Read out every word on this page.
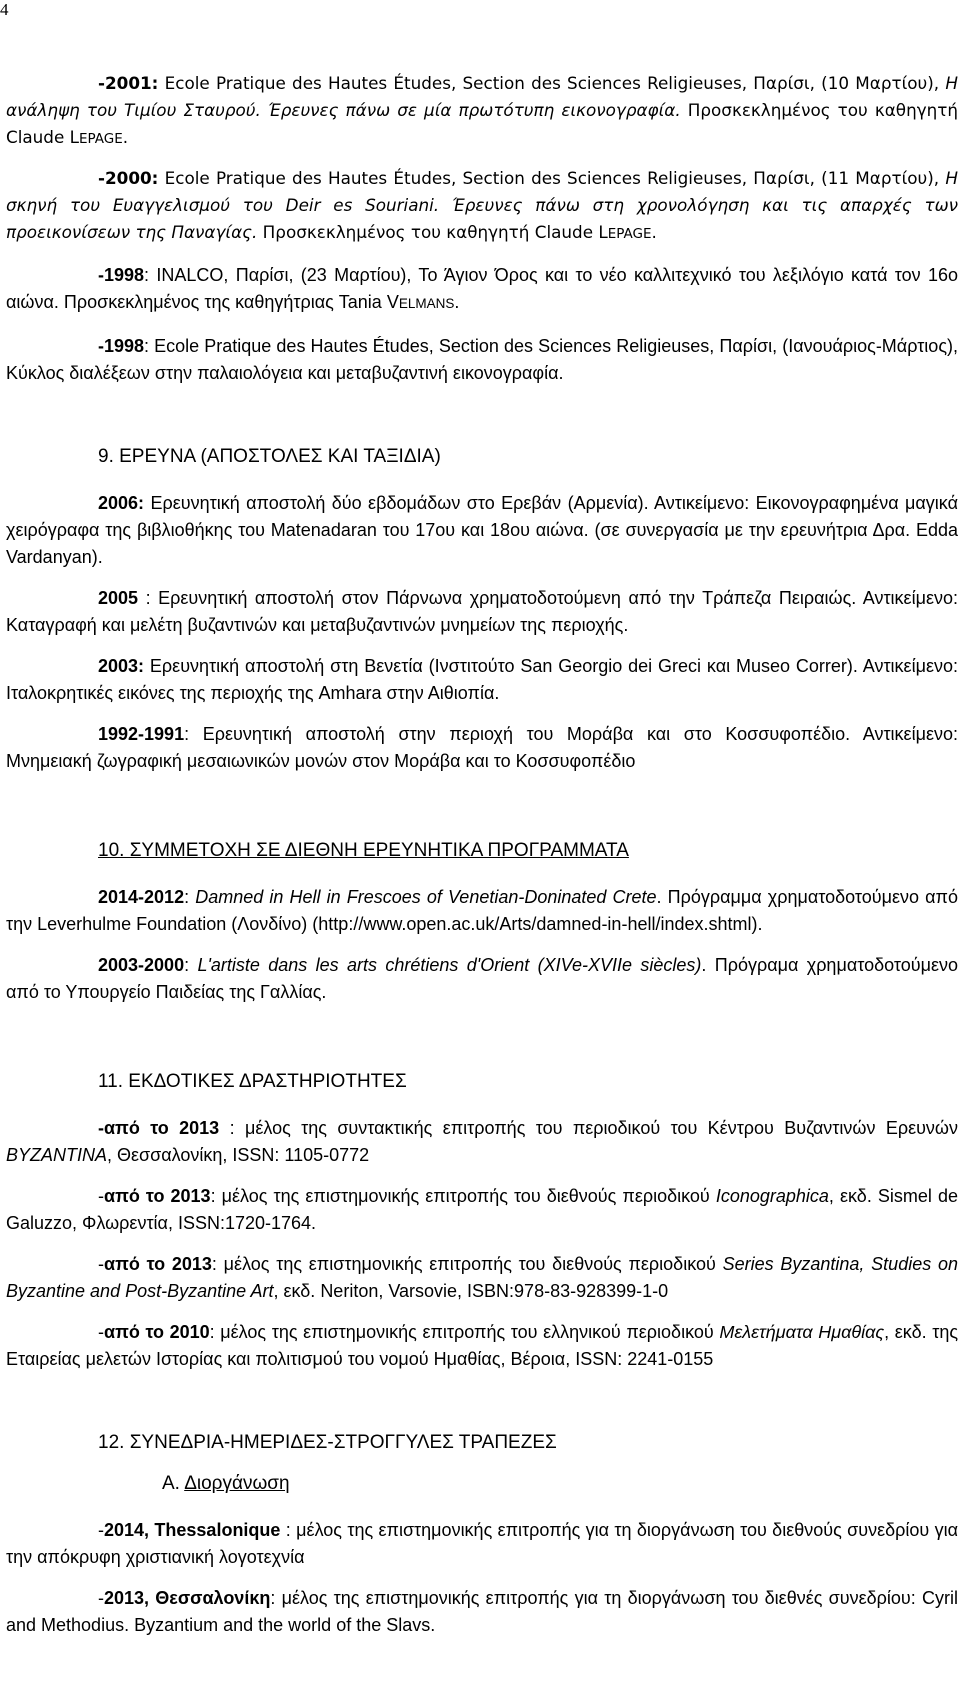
4

-2001: Ecole Pratique des Hautes Études, Section des Sciences Religieuses, Παρίσι, (10 Μαρτίου), Η ανάληψη του Τιμίου Σταυρού. Έρευνες πάνω σε μία πρωτότυπη εικονογραφία. Προσκεκλημένος του καθηγητή Claude LEPAGE.

-2000: Ecole Pratique des Hautes Études, Section des Sciences Religieuses, Παρίσι, (11 Μαρτίου), Η σκηνή του Ευαγγελισμού του Deir es Souriani. Έρευνες πάνω στη χρονολόγηση και τις απαρχές των προεικονίσεων της Παναγίας. Προσκεκλημένος του καθηγητή Claude LEPAGE.

-1998: INALCO, Παρίσι, (23 Μαρτίου), Το Άγιον Όρος και το νέο καλλιτεχνικό του λεξιλόγιο κατά τον 16ο αιώνα. Προσκεκλημένος της καθηγήτριας Tania VELMANS.

-1998: Ecole Pratique des Hautes Études, Section des Sciences Religieuses, Παρίσι, (Ιανουάριος-Μάρτιος), Κύκλος διαλέξεων στην παλαιολόγεια και μεταβυζαντινή εικονογραφία.

9. ΕΡΕΥΝΑ (ΑΠΟΣΤΟΛΕΣ ΚΑΙ ΤΑΞΙΔΙΑ)

2006: Ερευνητική αποστολή δύο εβδομάδων στο Ερεβάν (Αρμενία). Αντικείμενο: Εικονογραφημένα μαγικά χειρόγραφα της βιβλιοθήκης του Matenadaran του 17ου και 18ου αιώνα. (σε συνεργασία με την ερευνήτρια Δρα. Edda Vardanyan).

2005 : Ερευνητική αποστολή στον Πάρνωνα χρηματοδοτούμενη από την Τράπεζα Πειραιώς. Αντικείμενο: Καταγραφή και μελέτη βυζαντινών και μεταβυζαντινών μνημείων της περιοχής.

2003: Ερευνητική αποστολή στη Βενετία (Ινστιτούτο San Georgio dei Greci και Museo Correr). Αντικείμενο: Ιταλοκρητικές εικόνες της περιοχής της Amhara στην Αιθιοπία.

1992-1991: Ερευνητική αποστολή στην περιοχή του Μοράβα και στο Κοσσυφοπέδιο. Αντικείμενο: Μνημειακή ζωγραφική μεσαιωνικών μονών στον Μοράβα και το Κοσσυφοπέδιο

10. ΣΥΜΜΕΤΟΧΗ ΣΕ ΔΙΕΘΝΗ ΕΡΕΥΝΗΤΙΚΑ ΠΡΟΓΡΑΜΜΑΤΑ

2014-2012: Damned in Hell in Frescoes of Venetian-Doninated Crete. Πρόγραμμα χρηματοδοτούμενο από την Leverhulme Foundation (Λονδίνο) (http://www.open.ac.uk/Arts/damned-in-hell/index.shtml).

2003-2000: L'artiste dans les arts chrétiens d'Orient (XIVe-XVIIe siècles). Πρόγραμα χρηματοδοτούμενο από το Υπουργείο Παιδείας της Γαλλίας.

11. ΕΚΔΟΤΙΚΕΣ ΔΡΑΣΤΗΡΙΟΤΗΤΕΣ

-από το 2013 : μέλος της συντακτικής επιτροπής του περιοδικού του Κέντρου Βυζαντινών Ερευνών BYZANTINA, Θεσσαλονίκη, ISSN: 1105-0772

-από το 2013: μέλος της επιστημονικής επιτροπής του διεθνούς περιοδικού Iconographica, εκδ. Sismel de Galuzzo, Φλωρεντία, ISSN:1720-1764.

-από το 2013: μέλος της επιστημονικής επιτροπής του διεθνούς περιοδικού Series Byzantina, Studies on Byzantine and Post-Byzantine Art, εκδ. Neriton, Varsovie, ISBN:978-83-928399-1-0

-από το 2010: μέλος της επιστημονικής επιτροπής του ελληνικού περιοδικού Μελετήματα Ημαθίας, εκδ. της Εταιρείας μελετών Ιστορίας και πολιτισμού του νομού Ημαθίας, Βέροια, ISSN: 2241-0155

12. ΣΥΝΕΔΡΙΑ-ΗΜΕΡΙΔΕΣ-ΣΤΡΟΓΓΥΛΕΣ ΤΡΑΠΕΖΕΣ
Α. Διοργάνωση

-2014, Thessalonique : μέλος της επιστημονικής επιτροπής για τη διοργάνωση του διεθνούς συνεδρίου για την απόκρυφη χριστιανική λογοτεχνία

-2013, Θεσσαλονίκη: μέλος της επιστημονικής επιτροπής για τη διοργάνωση του διεθνές συνεδρίου: Cyril and Methodius. Byzantium and the world of the Slavs.
